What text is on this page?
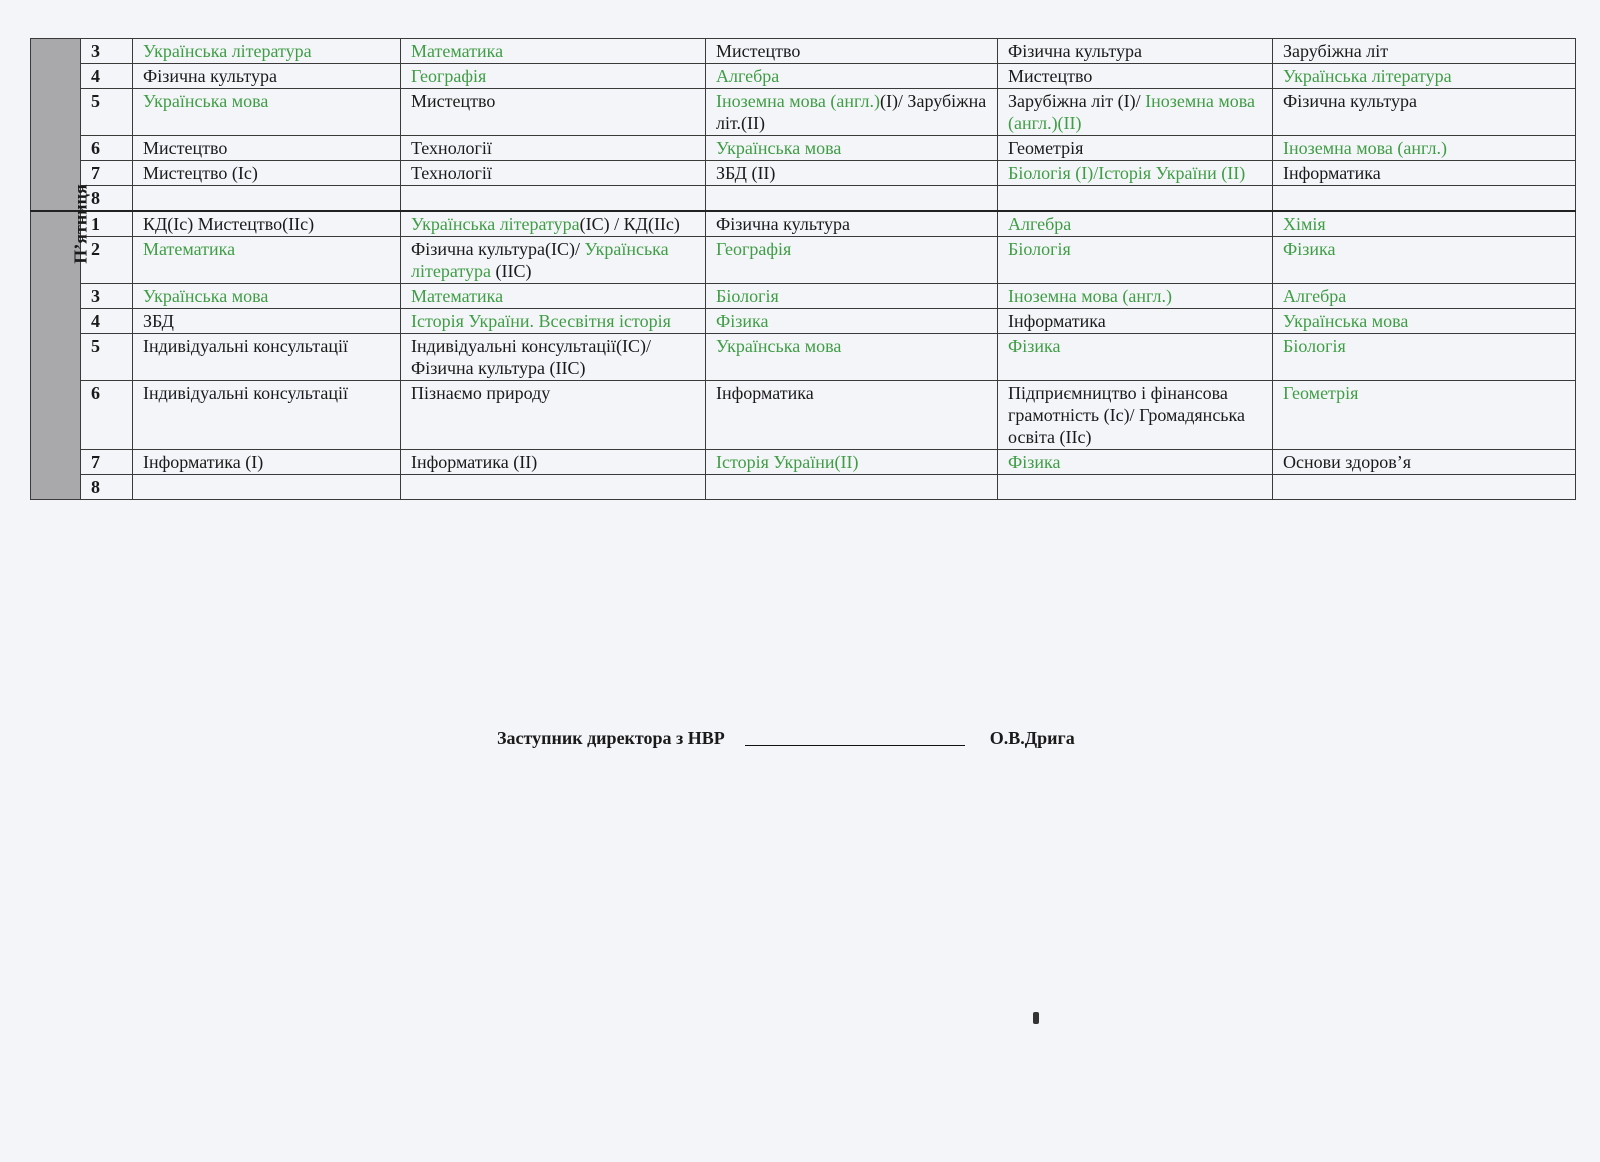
	3	Українська література	Математика	Мистецтво	Фізична культура	Зарубіжна літ
	4	Фізична культура	Географія	Алгебра	Мистецтво	Українська література
	5	Українська мова	Мистецтво	Іноземна мова (англ.)(І)/ Зарубіжна літ.(ІІ)	Зарубіжна літ (І)/ Іноземна мова (англ.)(ІІ)	Фізична культура
	6	Мистецтво	Технології	Українська мова	Геометрія	Іноземна мова (англ.)
	7	Мистецтво (Іс)	Технології	ЗБД (ІІ)	Біологія (І)/Історія України (ІІ)	Інформатика
	8					
П’ятниця	1	КД(Іс) Мистецтво(ІІс)	Українська література(ІС) / КД(ІІс)	Фізична культура	Алгебра	Хімія
	2	Математика	Фізична культура(ІС)/ Українська література (ІІС)	Географія	Біологія	Фізика
	3	Українська мова	Математика	Біологія	Іноземна мова (англ.)	Алгебра
	4	ЗБД	Історія України. Всесвітня історія	Фізика	Інформатика	Українська мова
	5	Індивідуальні консультації	Індивідуальні консультації(ІС)/ Фізична культура (ІІС)	Українська мова	Фізика	Біологія
	6	Індивідуальні консультації	Пізнаємо природу	Інформатика	Підприємництво і фінансова грамотність (Іс)/ Громадянська освіта (ІІс)	Геометрія
	7	Інформатика (І)	Інформатика (ІІ)	Історія України(ІІ)	Фізика	Основи здоров’я
	8					
Заступник директора з НВР	О.В.Дрига
